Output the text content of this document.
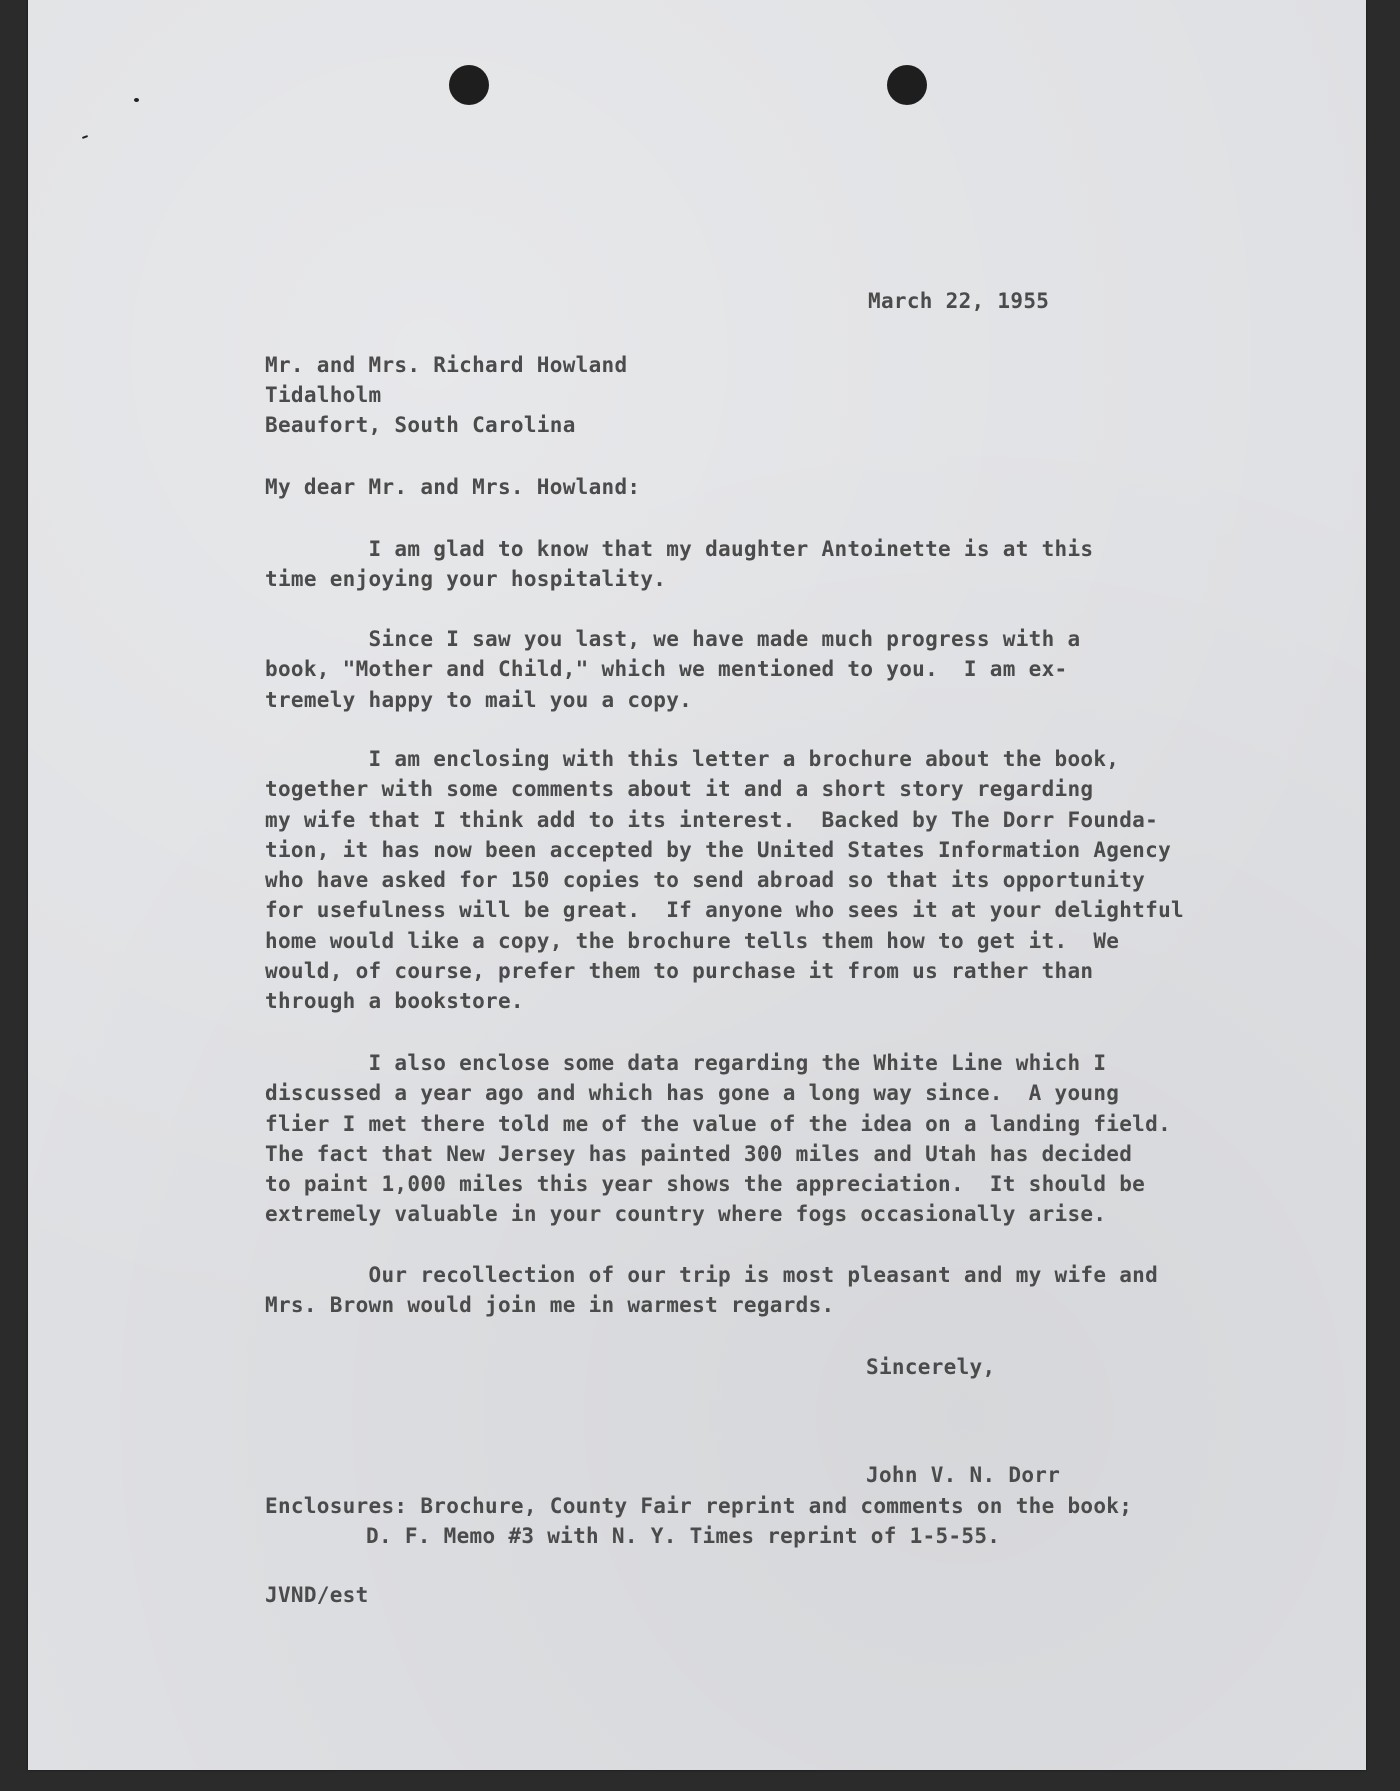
March 22, 1955
Mr. and Mrs. Richard Howland
Tidalholm
Beaufort, South Carolina
My dear Mr. and Mrs. Howland:
I am glad to know that my daughter Antoinette is at this
time enjoying your hospitality.
Since I saw you last, we have made much progress with a
book, "Mother and Child," which we mentioned to you.  I am ex-
tremely happy to mail you a copy.
I am enclosing with this letter a brochure about the book,
together with some comments about it and a short story regarding
my wife that I think add to its interest.  Backed by The Dorr Founda-
tion, it has now been accepted by the United States Information Agency
who have asked for 150 copies to send abroad so that its opportunity
for usefulness will be great.  If anyone who sees it at your delightful
home would like a copy, the brochure tells them how to get it.  We
would, of course, prefer them to purchase it from us rather than
through a bookstore.
I also enclose some data regarding the White Line which I
discussed a year ago and which has gone a long way since.  A young
flier I met there told me of the value of the idea on a landing field.
The fact that New Jersey has painted 300 miles and Utah has decided
to paint 1,000 miles this year shows the appreciation.  It should be
extremely valuable in your country where fogs occasionally arise.
Our recollection of our trip is most pleasant and my wife and
Mrs. Brown would join me in warmest regards.
Sincerely,
John V. N. Dorr
Enclosures: Brochure, County Fair reprint and comments on the book;
D. F. Memo #3 with N. Y. Times reprint of 1-5-55.
JVND/est
